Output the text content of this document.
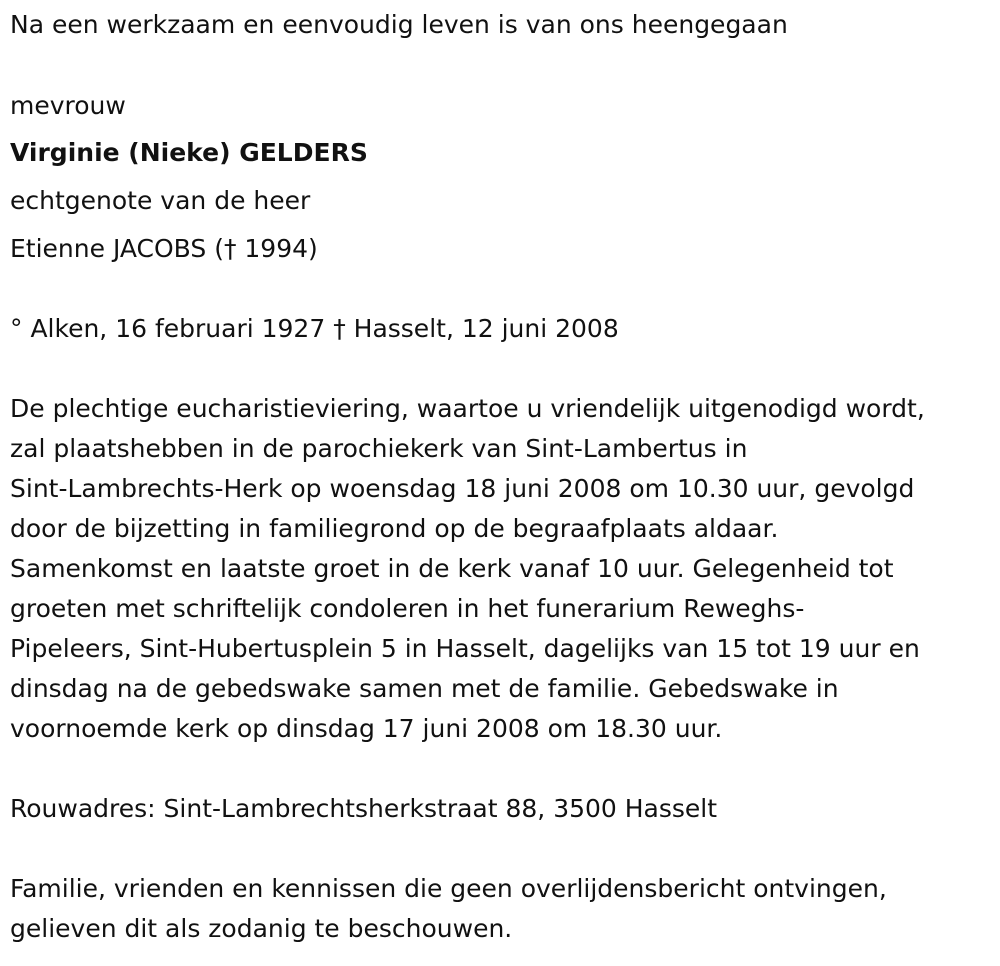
Na een werkzaam en eenvoudig leven is van ons heengegaan
mevrouw
Virginie (Nieke) GELDERS
echtgenote van de heer
Etienne JACOBS († 1994)
° Alken, 16 februari 1927 † Hasselt, 12 juni 2008
De plechtige eucharistieviering, waartoe u vriendelijk uitgenodigd wordt,
zal plaatshebben in de parochiekerk van Sint-Lambertus in
Sint-Lambrechts-Herk op woensdag 18 juni 2008 om 10.30 uur, gevolgd
door de bijzetting in familiegrond op de begraafplaats aldaar.
Samenkomst en laatste groet in de kerk vanaf 10 uur. Gelegenheid tot
groeten met schriftelijk condoleren in het funerarium Reweghs-
Pipeleers, Sint-Hubertusplein 5 in Hasselt, dagelijks van 15 tot 19 uur en
dinsdag na de gebedswake samen met de familie. Gebedswake in
voornoemde kerk op dinsdag 17 juni 2008 om 18.30 uur.
Rouwadres: Sint-Lambrechtsherkstraat 88, 3500 Hasselt
Familie, vrienden en kennissen die geen overlijdensbericht ontvingen,
gelieven dit als zodanig te beschouwen.
